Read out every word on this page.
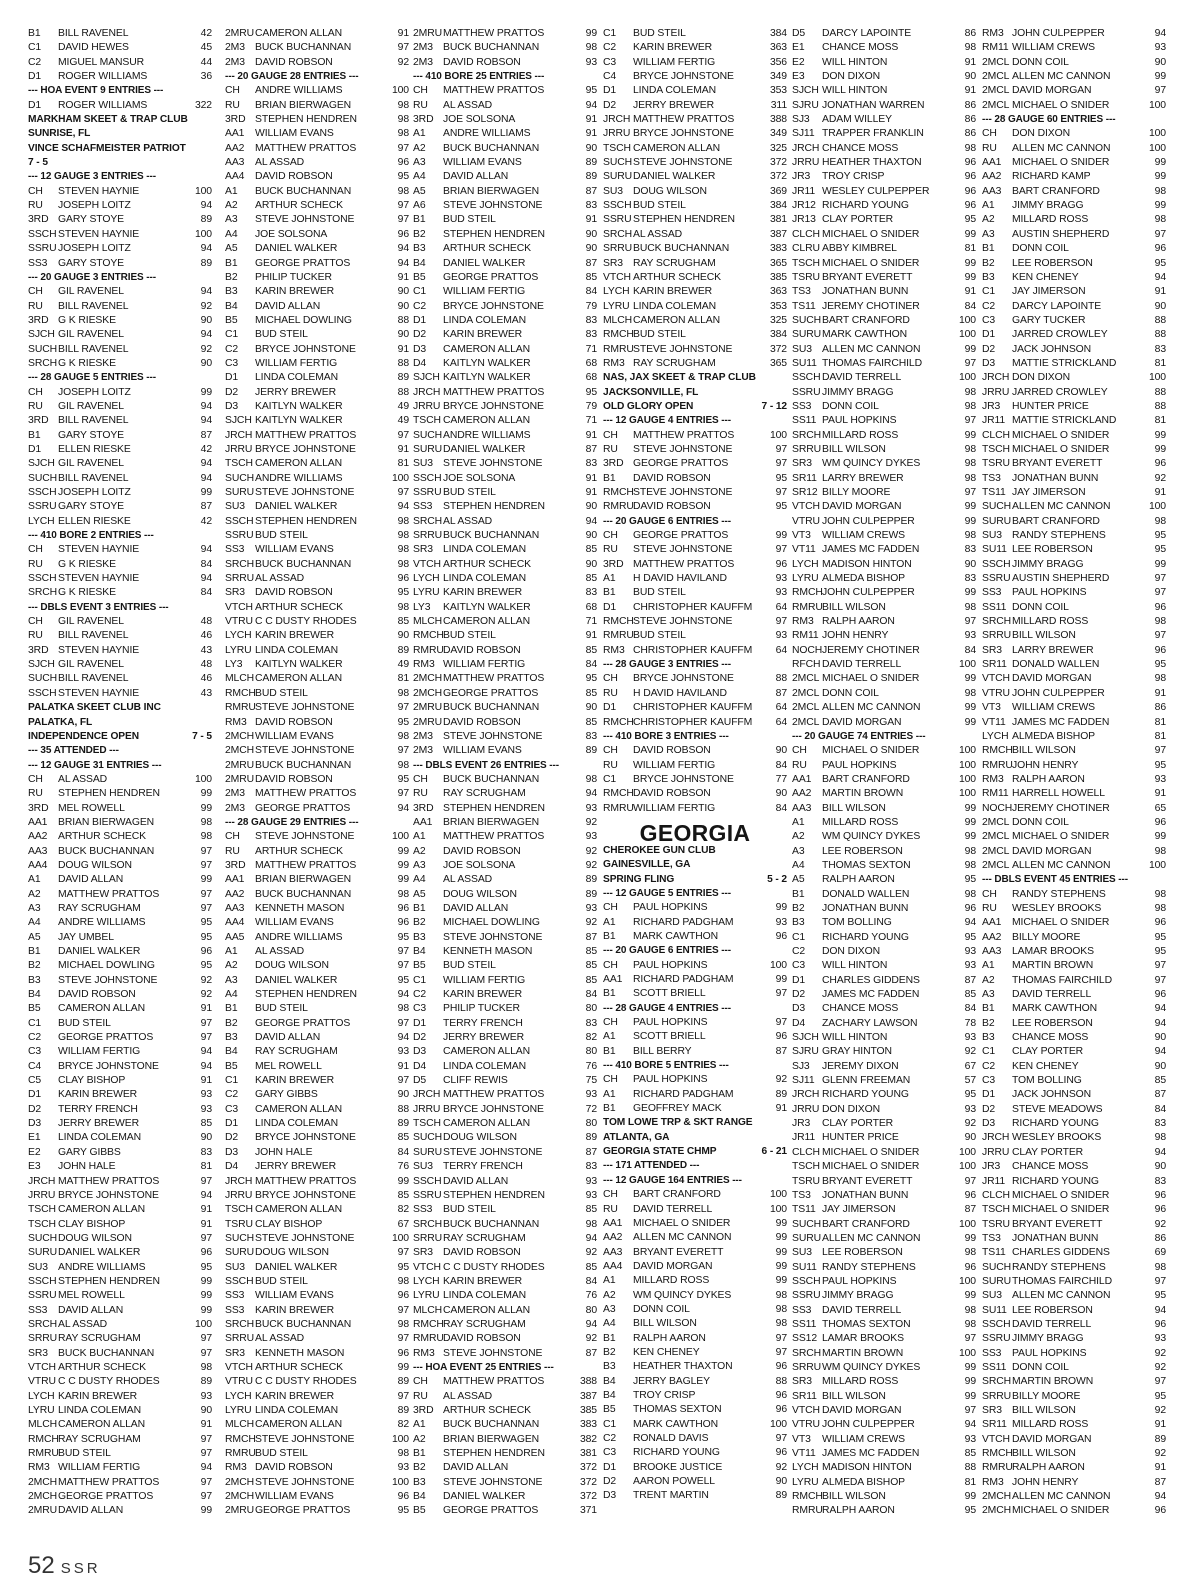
B1	BILL RAVENEL	42
C1	DAVID HEWES	45
C2	MIGUEL MANSUR	44
D1	ROGER WILLIAMS	36
--- HOA EVENT 9 ENTRIES ---
D1	ROGER WILLIAMS	322
MARKHAM SKEET & TRAP CLUB
SUNRISE, FL
VINCE SCHAFMEISTER PATRIOT
7 - 5
--- 12 GAUGE 3 ENTRIES ---
CH	STEVEN HAYNIE	100
RU	JOSEPH LOITZ	94
3RD GARY STOYE	89
SSCH STEVEN HAYNIE	100
SSRU JOSEPH LOITZ	94
SS3	GARY STOYE	89
--- 20 GAUGE 3 ENTRIES ---
CH	GIL RAVENEL	94
RU	BILL RAVENEL	92
3RD G K RIESKE	90
SJCH GIL RAVENEL	94
SUCH BILL RAVENEL	92
SRCH G K RIESKE	90
--- 28 GAUGE 5 ENTRIES ---
CH	JOSEPH LOITZ	99
RU	GIL RAVENEL	94
3RD BILL RAVENEL	94
B1	GARY STOYE	87
D1	ELLEN RIESKE	42
SJCH GIL RAVENEL	94
SUCH BILL RAVENEL	94
SSCH JOSEPH LOITZ	99
SSRU GARY STOYE	87
LYCH ELLEN RIESKE	42
--- 410 BORE 2 ENTRIES ---
CH	STEVEN HAYNIE	94
RU	G K RIESKE	84
SSCH STEVEN HAYNIE	94
SRCH G K RIESKE	84
--- DBLS EVENT 3 ENTRIES ---
CH	GIL RAVENEL	48
RU	BILL RAVENEL	46
3RD STEVEN HAYNIE	43
SJCH GIL RAVENEL	48
SUCH BILL RAVENEL	46
SSCH STEVEN HAYNIE	43
PALATKA SKEET CLUB INC
PALATKA, FL
INDEPENDENCE OPEN	7 - 5
--- 35 ATTENDED ---
--- 12 GAUGE 31 ENTRIES ---
CH	AL ASSAD	100
RU	STEPHEN HENDREN	99
3RD MEL ROWELL	99
AA1	BRIAN BIERWAGEN	98
AA2	ARTHUR SCHECK	98
AA3	BUCK BUCHANNAN	97
AA4	DOUG WILSON	97
A1	DAVID ALLAN	99
A2	MATTHEW PRATTOS	97
A3	RAY SCRUGHAM	97
A4	ANDRE WILLIAMS	95
A5	JAY UMBEL	95
B1	DANIEL WALKER	96
B2	MICHAEL DOWLING	95
B3	STEVE JOHNSTONE	92
B4	DAVID ROBSON	92
B5	CAMERON ALLAN	91
C1	BUD STEIL	97
C2	GEORGE PRATTOS	97
C3	WILLIAM FERTIG	94
C4	BRYCE JOHNSTONE	94
C5	CLAY BISHOP	91
D1	KARIN BREWER	93
D2	TERRY FRENCH	93
D3	JERRY BREWER	85
E1	LINDA COLEMAN	90
E2	GARY GIBBS	83
E3	JOHN HALE	81
JRCH MATTHEW PRATTOS	97
JRRU BRYCE JOHNSTONE	94
TSCH CAMERON ALLAN	91
TSCH CLAY BISHOP	91
SUCH DOUG WILSON	97
SURU DANIEL WALKER	96
SU3 ANDRE WILLIAMS	95
SSCH STEPHEN HENDREN	99
SSRU MEL ROWELL	99
SS3	DAVID ALLAN	99
SRCH AL ASSAD	100
SRRU RAY SCRUGHAM	97
SR3 BUCK BUCHANNAN	97
VTCH ARTHUR SCHECK	98
VTRU C C DUSTY RHODES	89
LYCH KARIN BREWER	93
LYRU LINDA COLEMAN	90
MLCH CAMERON ALLAN	91
RMCH RAY SCRUGHAM	97
RMRU BUD STEIL	97
RM3 WILLIAM FERTIG	94
2MCH MATTHEW PRATTOS	97
2MCH GEORGE PRATTOS	97
2MRU DAVID ALLAN	99
2MRU CAMERON ALLAN	91
2M3 BUCK BUCHANNAN	97
2M3 DAVID ROBSON	92
--- 20 GAUGE 28 ENTRIES ---
CH	ANDRE WILLIAMS	100
RU	BRIAN BIERWAGEN	98
3RD STEPHEN HENDREN	98
AA1	WILLIAM EVANS	98
AA2	MATTHEW PRATTOS	97
AA3	AL ASSAD	96
AA4	DAVID ROBSON	95
A1	BUCK BUCHANNAN	98
A2	ARTHUR SCHECK	97
A3	STEVE JOHNSTONE	97
A4	JOE SOLSONA	96
A5	DANIEL WALKER	94
B1	GEORGE PRATTOS	94
B2	PHILIP TUCKER	91
B3	KARIN BREWER	90
B4	DAVID ALLAN	90
B5	MICHAEL DOWLING	88
C1	BUD STEIL	90
C2	BRYCE JOHNSTONE	91
C3	WILLIAM FERTIG	88
D1	LINDA COLEMAN	89
D2	JERRY BREWER	88
D3	KAITLYN WALKER	49
SJCH KAITLYN WALKER	49
JRCH MATTHEW PRATTOS	97
JRRU BRYCE JOHNSTONE	91
TSCH CAMERON ALLAN	81
SUCH ANDRE WILLIAMS	100
SURU STEVE JOHNSTONE	97
SU3 DANIEL WALKER	94
SSCH STEPHEN HENDREN	98
SSRU BUD STEIL	98
SS3	WILLIAM EVANS	98
SRCH BUCK BUCHANNAN	98
SRRU AL ASSAD	96
SR3 DAVID ROBSON	95
VTCH ARTHUR SCHECK	98
VTRU C C DUSTY RHODES	85
LYCH KARIN BREWER	90
LYRU LINDA COLEMAN	89
LY3	KAITLYN WALKER	49
MLCH CAMERON ALLAN	81
RMCH BUD STEIL	98
RMRU STEVE JOHNSTONE	97
RM3 DAVID ROBSON	95
2MCH WILLIAM EVANS	98
2MCH STEVE JOHNSTONE	97
2MRU BUCK BUCHANNAN	98
2MRU DAVID ROBSON	95
2M3 MATTHEW PRATTOS	97
2M3 GEORGE PRATTOS	94
--- 28 GAUGE 29 ENTRIES ---
CH	STEVE JOHNSTONE	100
RU	ARTHUR SCHECK	99
3RD MATTHEW PRATTOS	99
AA1	BRIAN BIERWAGEN	99
AA2	BUCK BUCHANNAN	98
AA3	KENNETH MASON	96
AA4	WILLIAM EVANS	96
AA5	ANDRE WILLIAMS	95
A1	AL ASSAD	97
A2	DOUG WILSON	97
A3	DANIEL WALKER	95
A4	STEPHEN HENDREN	94
B1	BUD STEIL	98
B2	GEORGE PRATTOS	97
B3	DAVID ALLAN	94
B4	RAY SCRUGHAM	93
B5	MEL ROWELL	91
C1	KARIN BREWER	97
C2	GARY GIBBS	90
C3	CAMERON ALLAN	88
D1	LINDA COLEMAN	89
D2	BRYCE JOHNSTONE	85
D3	JOHN HALE	84
D4	JERRY BREWER	76
JRCH MATTHEW PRATTOS	99
JRRU BRYCE JOHNSTONE	85
TSCH CAMERON ALLAN	82
TSRU CLAY BISHOP	67
SUCH STEVE JOHNSTONE	100
SURU DOUG WILSON	97
SU3 DANIEL WALKER	95
SSCH BUD STEIL	98
SS3	WILLIAM EVANS	96
SS3	KARIN BREWER	97
SRCH BUCK BUCHANNAN	98
SRRU AL ASSAD	97
SR3 KENNETH MASON	96
VTCH ARTHUR SCHECK	99
VTRU C C DUSTY RHODES	89
LYCH KARIN BREWER	97
LYRU LINDA COLEMAN	89
MLCH CAMERON ALLAN	82
RMCH STEVE JOHNSTONE	100
RMRU BUD STEIL	98
RM3 DAVID ROBSON	93
2MCH STEVE JOHNSTONE	100
2MCH WILLIAM EVANS	96
2MRU GEORGE PRATTOS	95
2MRU MATTHEW PRATTOS	99
2M3 BUCK BUCHANNAN	98
2M3 DAVID ROBSON	93
--- 410 BORE 25 ENTRIES ---
CH	MATTHEW PRATTOS	95
RU	AL ASSAD	94
3RD JOE SOLSONA	91
A1	ANDRE WILLIAMS	91
A2	BUCK BUCHANNAN	90
A3	WILLIAM EVANS	89
A4	DAVID ALLAN	89
A5	BRIAN BIERWAGEN	87
A6	STEVE JOHNSTONE	83
B1	BUD STEIL	91
B2	STEPHEN HENDREN	90
B3	ARTHUR SCHECK	90
B4	DANIEL WALKER	87
B5	GEORGE PRATTOS	85
C1	WILLIAM FERTIG	84
C2	BRYCE JOHNSTONE	79
D1	LINDA COLEMAN	83
D2	KARIN BREWER	83
D3	CAMERON ALLAN	71
D4	KAITLYN WALKER	68
SJCH KAITLYN WALKER	68
JRCH MATTHEW PRATTOS	95
JRRU BRYCE JOHNSTONE	79
TSCH CAMERON ALLAN	71
SUCH ANDRE WILLIAMS	91
SURU DANIEL WALKER	87
SU3 STEVE JOHNSTONE	83
SSCH JOE SOLSONA	91
SSRU BUD STEIL	91
SS3	STEPHEN HENDREN	90
SRCH AL ASSAD	94
SRRU BUCK BUCHANNAN	90
SR3 LINDA COLEMAN	85
VTCH ARTHUR SCHECK	90
LYCH LINDA COLEMAN	85
LYRU KARIN BREWER	83
LY3	KAITLYN WALKER	68
MLCH CAMERON ALLAN	71
RMCH BUD STEIL	91
RMRU DAVID ROBSON	85
RM3 WILLIAM FERTIG	84
2MCH MATTHEW PRATTOS	95
2MCH GEORGE PRATTOS	85
2MRU BUCK BUCHANNAN	90
2MRU DAVID ROBSON	85
2M3 STEVE JOHNSTONE	83
2M3 WILLIAM EVANS	89
--- DBLS EVENT 26 ENTRIES ---
CH	BUCK BUCHANNAN	98
RU	RAY SCRUGHAM	94
3RD STEPHEN HENDREN	93
AA1	BRIAN BIERWAGEN	92
A1	MATTHEW PRATTOS	93
A2	DAVID ROBSON	92
A3	JOE SOLSONA	92
A4	AL ASSAD	89
A5	DOUG WILSON	89
B1	DAVID ALLAN	93
B2	MICHAEL DOWLING	92
B3	STEVE JOHNSTONE	87
B4	KENNETH MASON	85
B5	BUD STEIL	85
C1	WILLIAM FERTIG	85
C2	KARIN BREWER	84
C3	PHILIP TUCKER	80
D1	TERRY FRENCH	83
D2	JERRY BREWER	82
D3	CAMERON ALLAN	80
D4	LINDA COLEMAN	76
D5	CLIFF REWIS	75
JRCH MATTHEW PRATTOS	93
JRRU BRYCE JOHNSTONE	72
TSCH CAMERON ALLAN	80
SUCH DOUG WILSON	89
SURU STEVE JOHNSTONE	87
SU3 TERRY FRENCH	83
SSCH DAVID ALLAN	93
SSRU STEPHEN HENDREN	93
SS3	BUD STEIL	85
SRCH BUCK BUCHANNAN	98
SRRU RAY SCRUGHAM	94
SR3 DAVID ROBSON	92
VTCH C C DUSTY RHODES	85
LYCH KARIN BREWER	84
LYRU LINDA COLEMAN	76
MLCH CAMERON ALLAN	80
RMCH RAY SCRUGHAM	94
RMRU DAVID ROBSON	92
RM3 STEVE JOHNSTONE	87
--- HOA EVENT 25 ENTRIES ---
CH	MATTHEW PRATTOS	388
RU	AL ASSAD	387
3RD ARTHUR SCHECK	385
A1	BUCK BUCHANNAN	383
A2	BRIAN BIERWAGEN	382
B1	STEPHEN HENDREN	381
B2	DAVID ALLAN	372
B3	STEVE JOHNSTONE	372
B4	DANIEL WALKER	372
B5	GEORGE PRATTOS	371
C1	BUD STEIL	384
C2	KARIN BREWER	363
C3	WILLIAM FERTIG	356
C4	BRYCE JOHNSTONE	349
D1	LINDA COLEMAN	353
D2	JERRY BREWER	311
JRCH MATTHEW PRATTOS	388
JRRU BRYCE JOHNSTONE	349
TSCH CAMERON ALLAN	325
SUCH STEVE JOHNSTONE	372
SURU DANIEL WALKER	372
SU3 DOUG WILSON	369
SSCH BUD STEIL	384
SSRU STEPHEN HENDREN	381
SRCH AL ASSAD	387
SRRU BUCK BUCHANNAN	383
SR3 RAY SCRUGHAM	365
VTCH ARTHUR SCHECK	385
LYCH KARIN BREWER	363
LYRU LINDA COLEMAN	353
MLCH CAMERON ALLAN	325
RMCH BUD STEIL	384
RMRU STEVE JOHNSTONE	372
RM3 RAY SCRUGHAM	365
NAS, JAX SKEET & TRAP CLUB
JACKSONVILLE, FL
OLD GLORY OPEN	7 - 12
--- 12 GAUGE 4 ENTRIES ---
CH	MATTHEW PRATTOS	100
RU	STEVE JOHNSTONE	97
3RD GEORGE PRATTOS	97
B1	DAVID ROBSON	95
RMCH STEVE JOHNSTONE	97
RMRU DAVID ROBSON	95
--- 20 GAUGE 6 ENTRIES ---
CH	GEORGE PRATTOS	99
RU	STEVE JOHNSTONE	97
3RD MATTHEW PRATTOS	96
A1	H DAVID HAVILAND	93
B1	BUD STEIL	93
D1	CHRISTOPHER KAUFFM	64
RMCH STEVE JOHNSTONE	97
RMRU BUD STEIL	93
RM3 CHRISTOPHER KAUFFM	64
--- 28 GAUGE 3 ENTRIES ---
CH	BRYCE JOHNSTONE	88
RU	H DAVID HAVILAND	87
D1	CHRISTOPHER KAUFFM	64
RMCH CHRISTOPHER KAUFFM	64
--- 410 BORE 3 ENTRIES ---
CH	DAVID ROBSON	90
RU	WILLIAM FERTIG	84
C1	BRYCE JOHNSTONE	77
RMCH DAVID ROBSON	90
RMRU WILLIAM FERTIG	84
GEORGIA
CHEROKEE GUN CLUB
GAINESVILLE, GA
SPRING FLING	5 - 2
--- 12 GAUGE 5 ENTRIES ---
CH	PAUL HOPKINS	99
A1	RICHARD PADGHAM	93
B1	MARK CAWTHON	96
--- 20 GAUGE 6 ENTRIES ---
CH	PAUL HOPKINS	100
AA1	RICHARD PADGHAM	99
B1	SCOTT BRIELL	97
--- 28 GAUGE 4 ENTRIES ---
CH	PAUL HOPKINS	97
A1	SCOTT BRIELL	96
B1	BILL BERRY	87
--- 410 BORE 5 ENTRIES ---
CH	PAUL HOPKINS	92
A1	RICHARD PADGHAM	89
B1	GEOFFREY MACK	91
TOM LOWE TRP & SKT RANGE
ATLANTA, GA
GEORGIA STATE CHMP	6 - 21
--- 171 ATTENDED ---
--- 12 GAUGE 164 ENTRIES ---
CH	BART CRANFORD	100
RU	DAVID TERRELL	100
AA1	MICHAEL O SNIDER	99
AA2	ALLEN MC CANNON	99
AA3	BRYANT EVERETT	99
AA4	DAVID MORGAN	99
A1	MILLARD ROSS	99
A2	WM QUINCY DYKES	98
A3	DONN COIL	98
A4	BILL WILSON	98
B1	RALPH AARON	97
B2	KEN CHENEY	97
B3	HEATHER THAXTON	96
B4	JERRY BAGLEY	88
B4	TROY CRISP	96
B5	THOMAS SEXTON	96
C1	MARK CAWTHON	100
C2	RONALD DAVIS	97
C3	RICHARD YOUNG	96
D1	BROOKE JUSTICE	92
D2	AARON POWELL	90
D3	TRENT MARTIN	89
D5	DARCY LAPOINTE	86
E1	CHANCE MOSS	98
E2	WILL HINTON	91
E3	DON DIXON	90
SJCH WILL HINTON	91
SJRU JONATHAN WARREN	86
SJ3	ADAM WILLEY	86
SJ11 TRAPPER FRANKLIN	86
JRCH CHANCE MOSS	98
JRRU HEATHER THAXTON	96
JR3	TROY CRISP	96
JR11 WESLEY CULPEPPER	96
JR12 RICHARD YOUNG	96
JR13 CLAY PORTER	95
CLCH MICHAEL O SNIDER	99
CLRU ABBY KIMBREL	81
TSCH MICHAEL O SNIDER	99
TSRU BRYANT EVERETT	99
TS3	JONATHAN BUNN	91
TS11 JEREMY CHOTINER	84
SUCH BART CRANFORD	100
SURU MARK CAWTHON	100
SU3 ALLEN MC CANNON	99
SU11 THOMAS FAIRCHILD	97
SSCH DAVID TERRELL	100
SSRU JIMMY BRAGG	98
SS3	DONN COIL	98
SS11 PAUL HOPKINS	97
SRCH MILLARD ROSS	99
SRRU BILL WILSON	98
SR3 WM QUINCY DYKES	98
SR11 LARRY BREWER	98
SR12 BILLY MOORE	97
VTCH DAVID MORGAN	99
VTRU JOHN CULPEPPER	99
VT3	WILLIAM CREWS	98
VT11 JAMES MC FADDEN	83
LYCH MADISON HINTON	90
LYRU ALMEDA BISHOP	83
RMCH JOHN CULPEPPER	99
RMRU BILL WILSON	98
RM3 RALPH AARON	97
RM11 JOHN HENRY	93
NOCH JEREMY CHOTINER	84
RFCH DAVID TERRELL	100
2MCL MICHAEL O SNIDER	99
2MCL DONN COIL	98
2MCL ALLEN MC CANNON	99
2MCL DAVID MORGAN	99
--- 20 GAUGE 74 ENTRIES ---
CH	MICHAEL O SNIDER	100
RU	PAUL HOPKINS	100
AA1	BART CRANFORD	100
AA2	MARTIN BROWN	100
AA3	BILL WILSON	99
A1	MILLARD ROSS	99
A2	WM QUINCY DYKES	99
A3	LEE ROBERSON	98
A4	THOMAS SEXTON	98
A5	RALPH AARON	95
B1	DONALD WALLEN	98
B2	JONATHAN BUNN	96
B3	TOM BOLLING	94
C1	RICHARD YOUNG	95
C2	DON DIXON	93
C3	WILL HINTON	93
D1	CHARLES GIDDENS	87
D2	JAMES MC FADDEN	85
D3	CHANCE MOSS	84
D4	ZACHARY LAWSON	78
SJCH WILL HINTON	93
SJRU GRAY HINTON	92
SJ3	JEREMY DIXON	67
SJ11 GLENN FREEMAN	57
JRCH RICHARD YOUNG	95
JRRU DON DIXON	93
JR3	CLAY PORTER	92
JR11 HUNTER PRICE	90
CLCH MICHAEL O SNIDER	100
TSCH MICHAEL O SNIDER	100
TSRU BRYANT EVERETT	97
TS3	JONATHAN BUNN	96
TS11 JAY JIMERSON	87
SUCH BART CRANFORD	100
SURU ALLEN MC CANNON	99
SU3 LEE ROBERSON	98
SU11 RANDY STEPHENS	96
SSCH PAUL HOPKINS	100
SSRU JIMMY BRAGG	99
SS3	DAVID TERRELL	98
SS11 THOMAS SEXTON	98
SS12 LAMAR BROOKS	97
SRCH MARTIN BROWN	100
SRRU WM QUINCY DYKES	99
SR3 MILLARD ROSS	99
SR11 BILL WILSON	99
VTCH DAVID MORGAN	97
VTRU JOHN CULPEPPER	94
VT3	WILLIAM CREWS	93
VT11 JAMES MC FADDEN	85
LYCH MADISON HINTON	88
LYRU ALMEDA BISHOP	81
RMCH BILL WILSON	99
RMRU RALPH AARON	95
RM3 JOHN CULPEPPER	94
RM11 WILLIAM CREWS	93
2MCL DONN COIL	90
2MCL ALLEN MC CANNON	99
2MCL DAVID MORGAN	97
2MCL MICHAEL O SNIDER	100
--- 28 GAUGE 60 ENTRIES ---
CH	DON DIXON	100
RU	ALLEN MC CANNON	100
AA1	MICHAEL O SNIDER	99
AA2	RICHARD KAMP	99
AA3	BART CRANFORD	98
A1	JIMMY BRAGG	99
A2	MILLARD ROSS	98
A3	AUSTIN SHEPHERD	97
B1	DONN COIL	96
B2	LEE ROBERSON	95
B3	KEN CHENEY	94
C1	JAY JIMERSON	91
C2	DARCY LAPOINTE	90
C3	GARY TUCKER	88
D1	JARRED CROWLEY	88
D2	JACK JOHNSON	83
D3	MATTIE STRICKLAND	81
JRCH DON DIXON	100
JRRU JARRED CROWLEY	88
JR3	HUNTER PRICE	88
JR11 MATTIE STRICKLAND	81
CLCH MICHAEL O SNIDER	99
TSCH MICHAEL O SNIDER	99
TSRU BRYANT EVERETT	96
TS3	JONATHAN BUNN	92
TS11 JAY JIMERSON	91
SUCH ALLEN MC CANNON	100
SURU BART CRANFORD	98
SU3 RANDY STEPHENS	95
SU11 LEE ROBERSON	95
SSCH JIMMY BRAGG	99
SSRU AUSTIN SHEPHERD	97
SS3	PAUL HOPKINS	97
SS11 DONN COIL	96
SRCH MILLARD ROSS	98
SRRU BILL WILSON	97
SR3 LARRY BREWER	96
SR11 DONALD WALLEN	95
VTCH DAVID MORGAN	98
VTRU JOHN CULPEPPER	91
VT3	WILLIAM CREWS	86
VT11 JAMES MC FADDEN	81
LYCH ALMEDA BISHOP	81
RMCH BILL WILSON	97
RMRU JOHN HENRY	95
RM3 RALPH AARON	93
RM11 HARRELL HOWELL	91
NOCH JEREMY CHOTINER	65
2MCL DONN COIL	96
2MCL MICHAEL O SNIDER	99
2MCL DAVID MORGAN	98
2MCL ALLEN MC CANNON	100
--- DBLS EVENT 45 ENTRIES ---
CH	RANDY STEPHENS	98
RU	WESLEY BROOKS	98
AA1	MICHAEL O SNIDER	96
AA2	BILLY MOORE	95
AA3	LAMAR BROOKS	95
A1	MARTIN BROWN	97
A2	THOMAS FAIRCHILD	97
A3	DAVID TERRELL	96
B1	MARK CAWTHON	94
B2	LEE ROBERSON	94
B3	CHANCE MOSS	90
C1	CLAY PORTER	94
C2	KEN CHENEY	90
C3	TOM BOLLING	85
D1	JACK JOHNSON	87
D2	STEVE MEADOWS	84
D3	RICHARD YOUNG	83
JRCH WESLEY BROOKS	98
JRRU CLAY PORTER	94
JR3	CHANCE MOSS	90
JR11 RICHARD YOUNG	83
CLCH MICHAEL O SNIDER	96
TSCH MICHAEL O SNIDER	96
TSRU BRYANT EVERETT	92
TS3	JONATHAN BUNN	86
TS11 CHARLES GIDDENS	69
SUCH RANDY STEPHENS	98
SURU THOMAS FAIRCHILD	97
SU3 ALLEN MC CANNON	95
SU11 LEE ROBERSON	94
SSCH DAVID TERRELL	96
SSRU JIMMY BRAGG	93
SS3	PAUL HOPKINS	92
SS11 DONN COIL	92
SRCH MARTIN BROWN	97
SRRU BILLY MOORE	95
SR3 BILL WILSON	92
SR11 MILLARD ROSS	91
VTCH DAVID MORGAN	89
RMCH BILL WILSON	92
RMRU RALPH AARON	91
RM3 JOHN HENRY	87
2MCH ALLEN MC CANNON	94
2MCH MICHAEL O SNIDER	96
52 SSR
